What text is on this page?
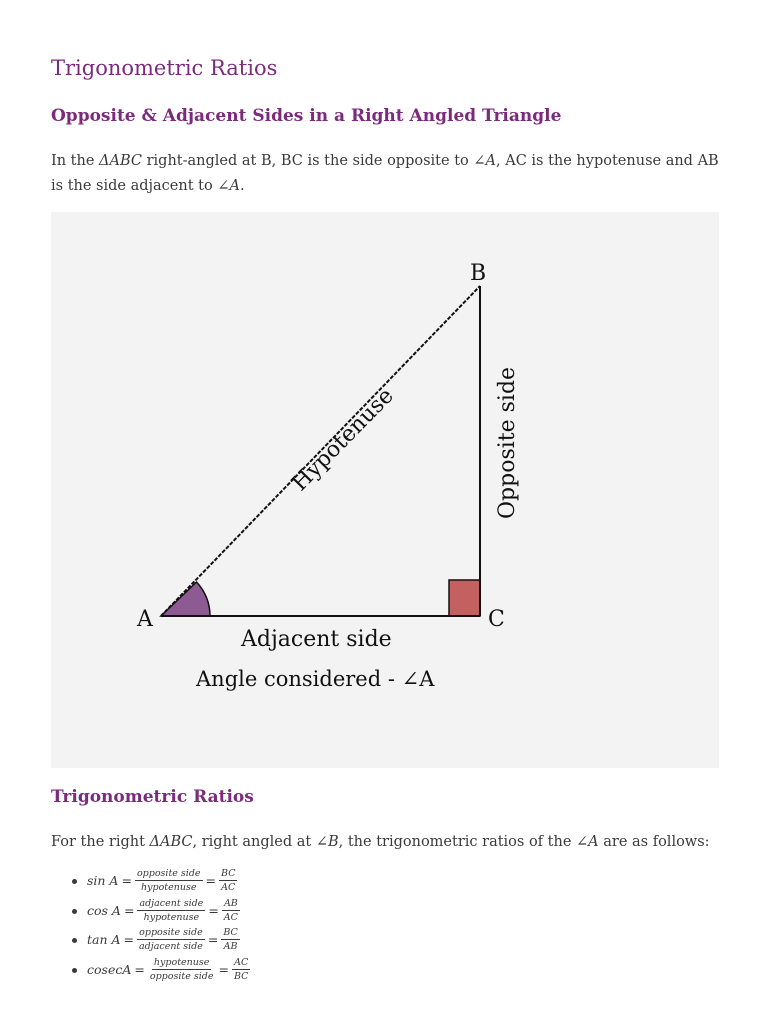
Trigonometric Ratios
Opposite & Adjacent Sides in a Right Angled Triangle

In the ΔABC right-angled at B, BC is the side opposite to ∠A, AC is the hypotenuse and AB is the side adjacent to ∠A.

A
B
C
Hypotenuse	Opposite side
Adjacent side
Angle considered - ∠A
Trigonometric Ratios

For the right ΔABC, right angled at ∠B, the trigonometric ratios of the ∠A are as follows:

$\sin A = \frac{\text{opposite side}}{\text{hypotenuse}} = \frac{BC}{AC}$
$\cos A = \frac{\text{adjacent side}}{\text{hypotenuse}} = \frac{AB}{AC}$
$\tan A = \frac{\text{opposite side}}{\text{adjacent side}} = \frac{BC}{AB}$
$cosecA = \frac{\text{hypotenuse}}{\text{opposite side}} = \frac{AC}{BC}$
